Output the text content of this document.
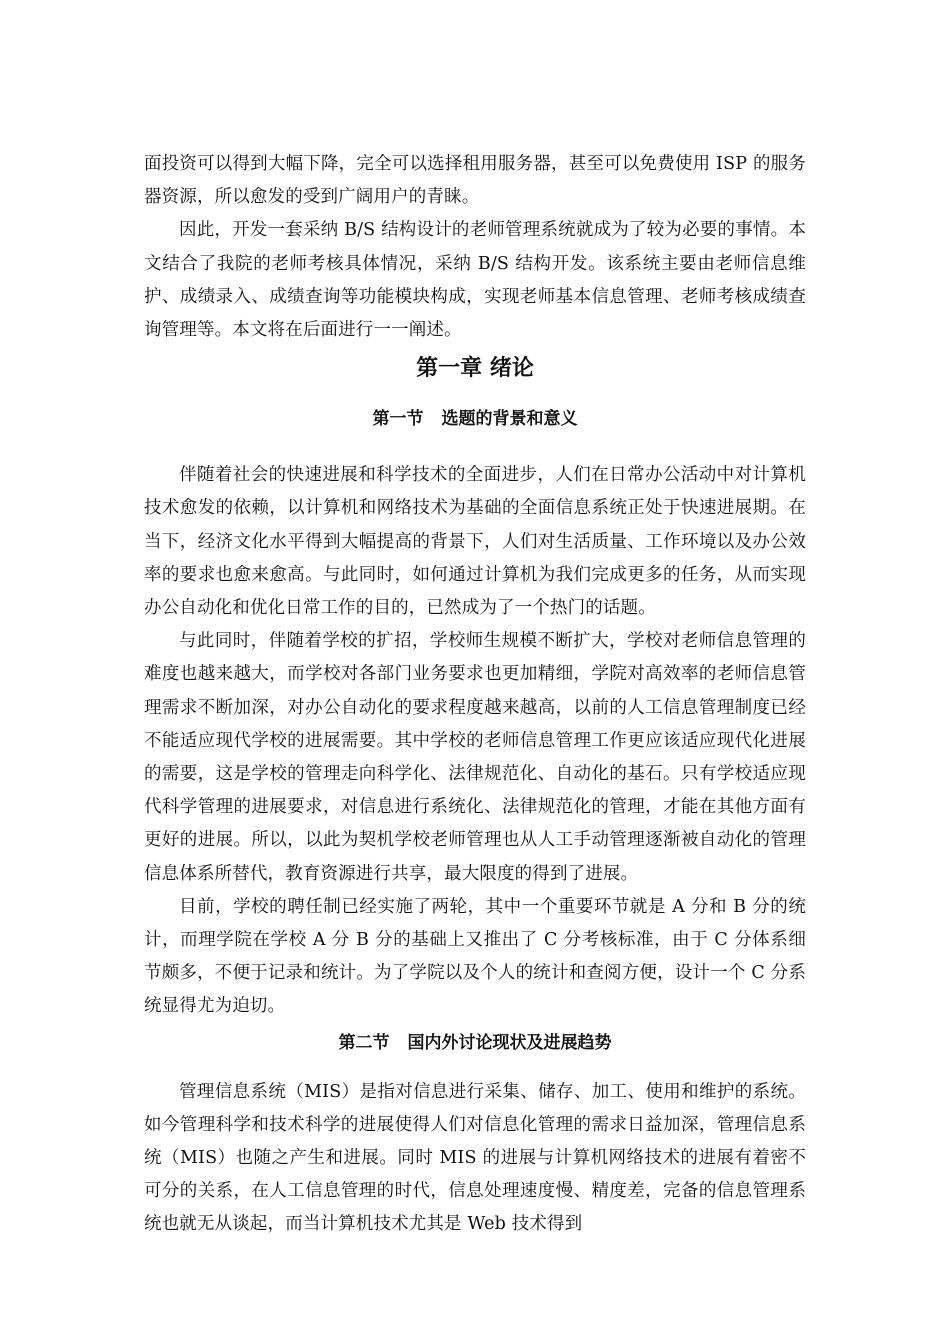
面投资可以得到大幅下降，完全可以选择租用服务器，甚至可以免费使用 ISP 的服务器资源，所以愈发的受到广阔用户的青睐。

因此，开发一套采纳 B/S 结构设计的老师管理系统就成为了较为必要的事情。本文结合了我院的老师考核具体情况，采纳 B/S 结构开发。该系统主要由老师信息维护、成绩录入、成绩查询等功能模块构成，实现老师基本信息管理、老师考核成绩查询管理等。本文将在后面进行一一阐述。

第一章 绪论
第一节 选题的背景和意义

伴随着社会的快速进展和科学技术的全面进步，人们在日常办公活动中对计算机技术愈发的依赖，以计算机和网络技术为基础的全面信息系统正处于快速进展期。在当下，经济文化水平得到大幅提高的背景下，人们对生活质量、工作环境以及办公效率的要求也愈来愈高。与此同时，如何通过计算机为我们完成更多的任务，从而实现办公自动化和优化日常工作的目的，已然成为了一个热门的话题。

与此同时，伴随着学校的扩招，学校师生规模不断扩大，学校对老师信息管理的难度也越来越大，而学校对各部门业务要求也更加精细，学院对高效率的老师信息管理需求不断加深，对办公自动化的要求程度越来越高，以前的人工信息管理制度已经不能适应现代学校的进展需要。其中学校的老师信息管理工作更应该适应现代化进展的需要，这是学校的管理走向科学化、法律规范化、自动化的基石。只有学校适应现代科学管理的进展要求，对信息进行系统化、法律规范化的管理，才能在其他方面有更好的进展。所以，以此为契机学校老师管理也从人工手动管理逐渐被自动化的管理信息体系所替代，教育资源进行共享，最大限度的得到了进展。

目前，学校的聘任制已经实施了两轮，其中一个重要环节就是 A 分和 B 分的统计，而理学院在学校 A 分 B 分的基础上又推出了 C 分考核标准，由于 C 分体系细节颇多，不便于记录和统计。为了学院以及个人的统计和查阅方便，设计一个 C 分系统显得尤为迫切。

第二节 国内外讨论现状及进展趋势

管理信息系统（MIS）是指对信息进行采集、储存、加工、使用和维护的系统。如今管理科学和技术科学的进展使得人们对信息化管理的需求日益加深，管理信息系统（MIS）也随之产生和进展。同时 MIS 的进展与计算机网络技术的进展有着密不可分的关系，在人工信息管理的时代，信息处理速度慢、精度差，完备的信息管理系统也就无从谈起，而当计算机技术尤其是 Web 技术得到
